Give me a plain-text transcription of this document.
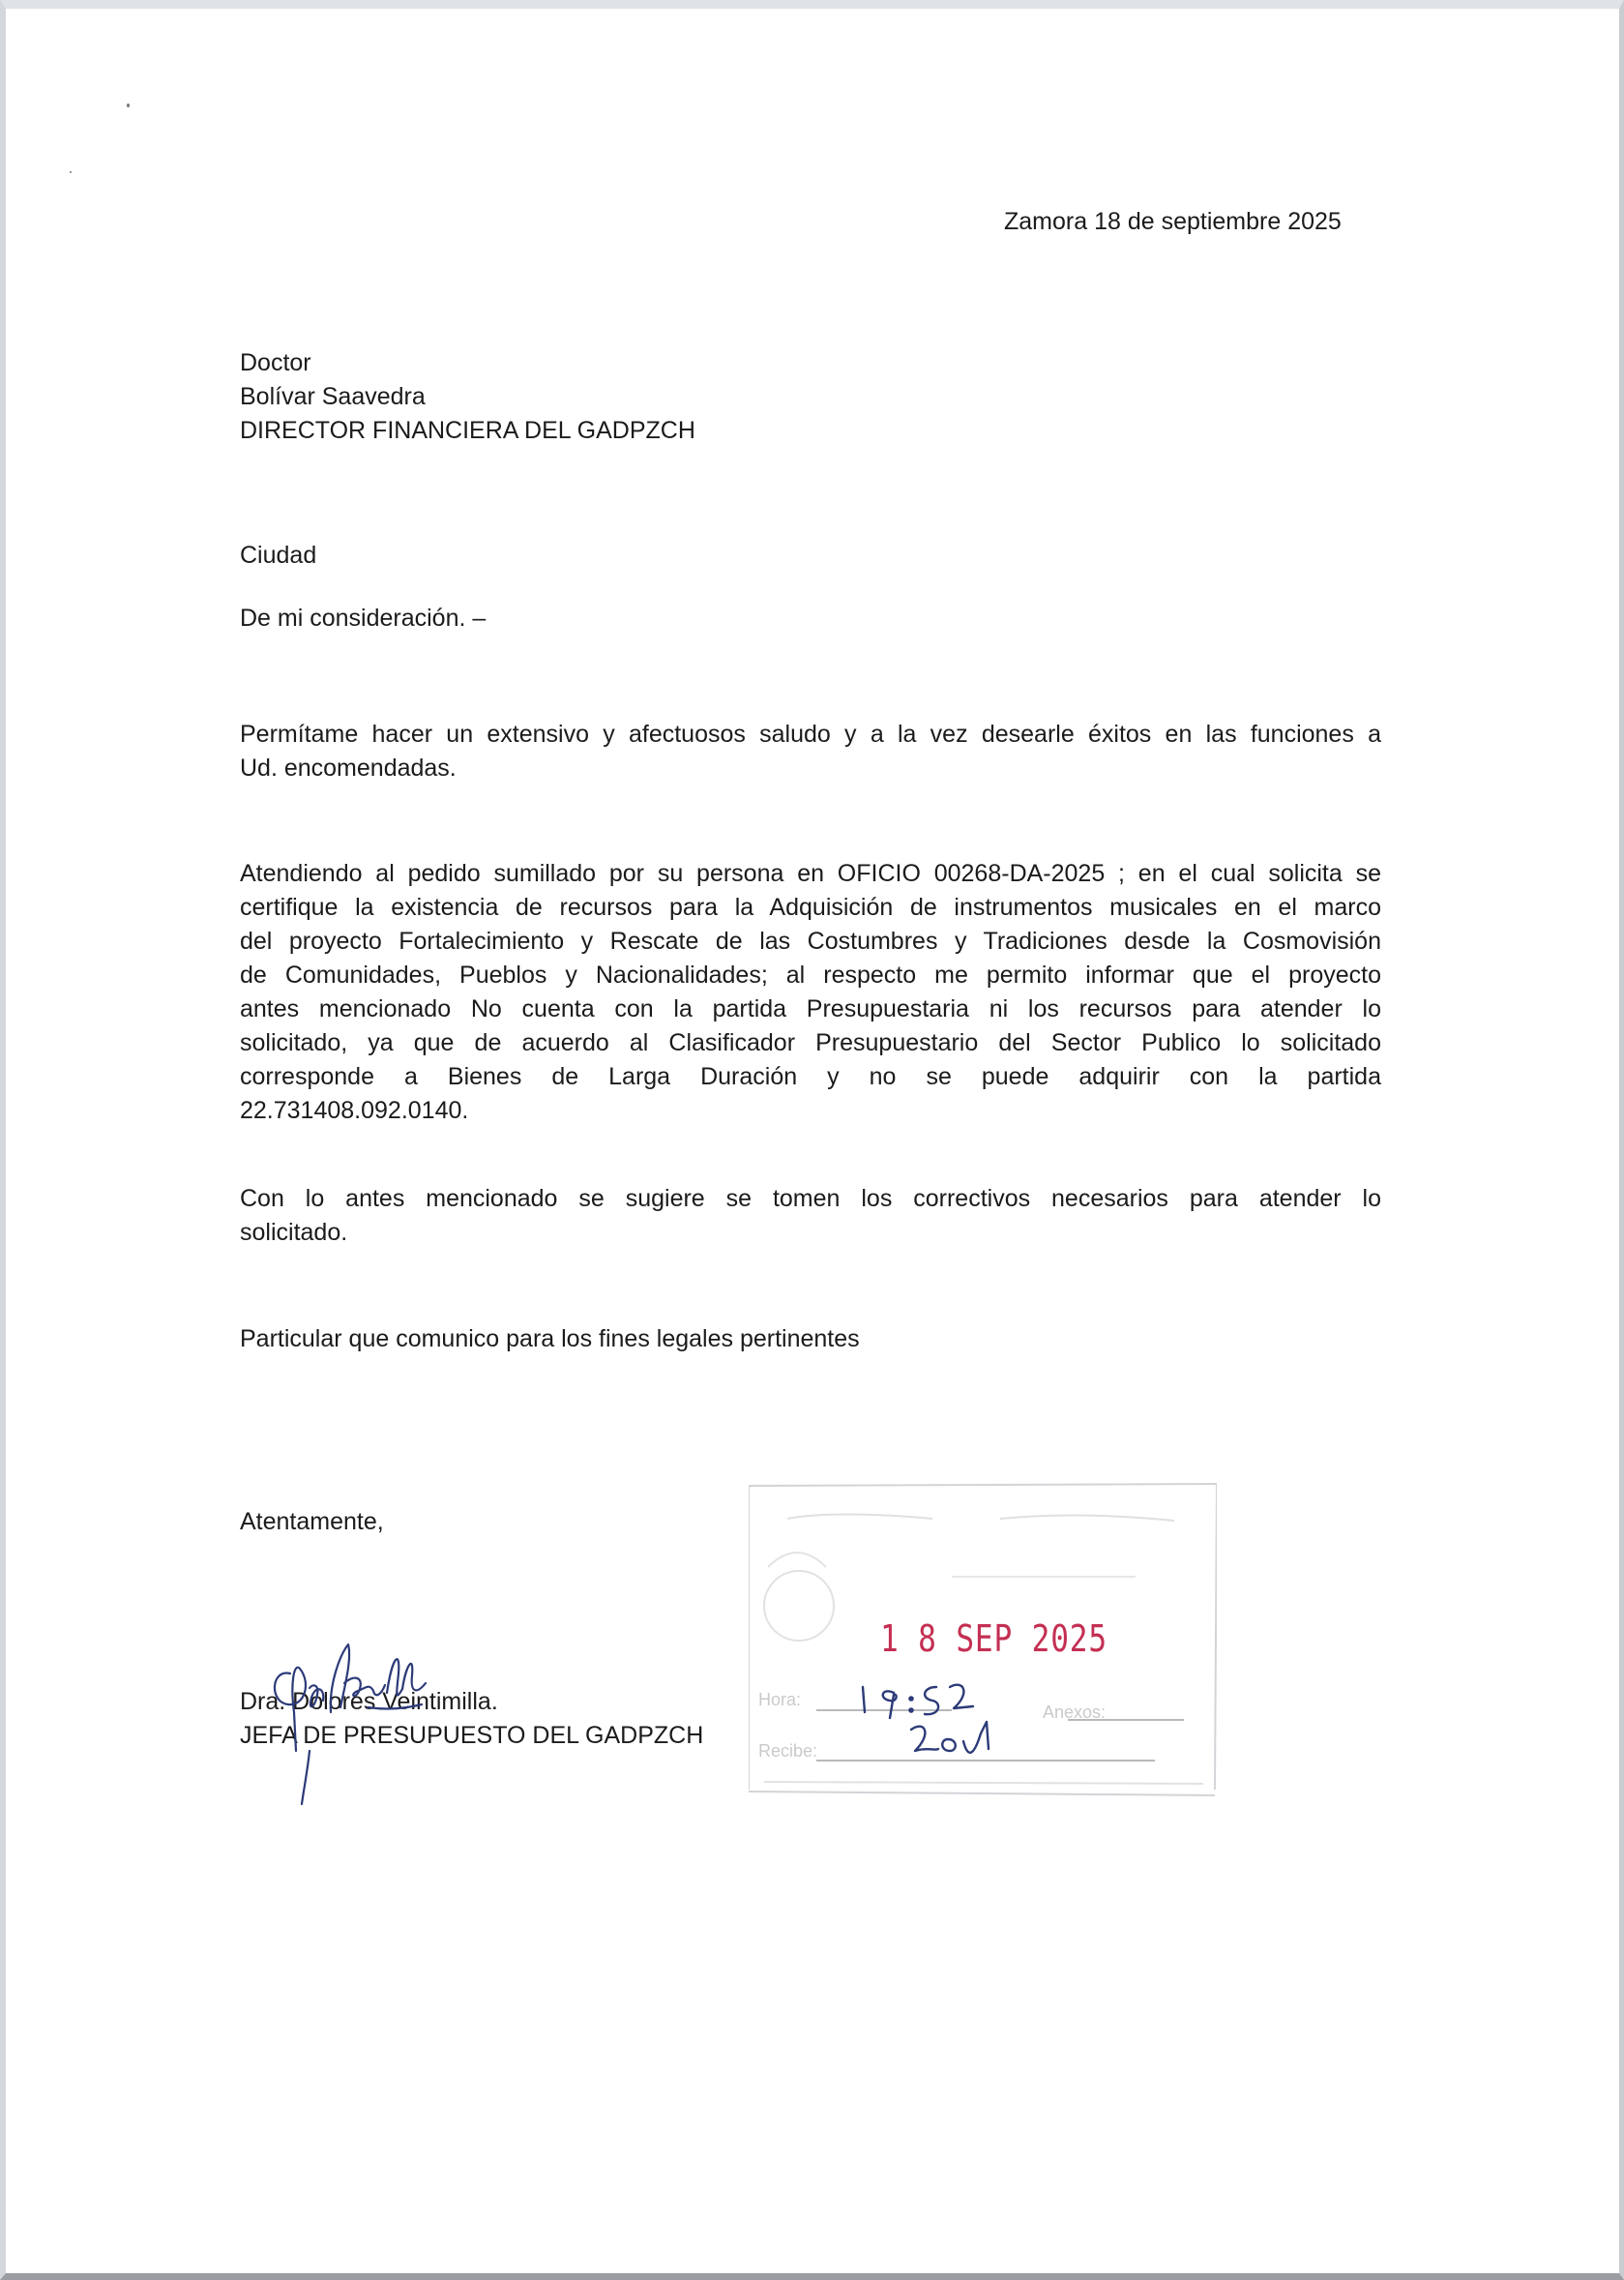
Zamora 18 de septiembre 2025
Doctor
Bolívar Saavedra
DIRECTOR FINANCIERA DEL GADPZCH
Ciudad
De mi consideración. –
Permítame hacer un extensivo y afectuosos saludo y a la vez desearle éxitos en las funciones a
Ud. encomendadas.
Atendiendo al pedido sumillado por su persona en OFICIO 00268-DA-2025 ; en el cual solicita se
certifique la existencia de recursos para la Adquisición de instrumentos musicales en el marco
del proyecto Fortalecimiento y Rescate de las Costumbres y Tradiciones desde la Cosmovisión
de Comunidades, Pueblos y Nacionalidades; al respecto me permito informar que el proyecto
antes mencionado No cuenta con la partida Presupuestaria ni los recursos para atender lo
solicitado, ya que de acuerdo al Clasificador Presupuestario del Sector Publico lo solicitado
corresponde a Bienes de Larga Duración y no se puede adquirir con la partida
22.731408.092.0140.
Con lo antes mencionado se sugiere se tomen los correctivos necesarios para atender lo
solicitado.
Particular que comunico para los fines legales pertinentes
Atentamente,
Dra. Dolores Veintimilla.
JEFA DE PRESUPUESTO DEL GADPZCH
1 8 SEP 2025
Hora:
Anexos:
Recibe:
